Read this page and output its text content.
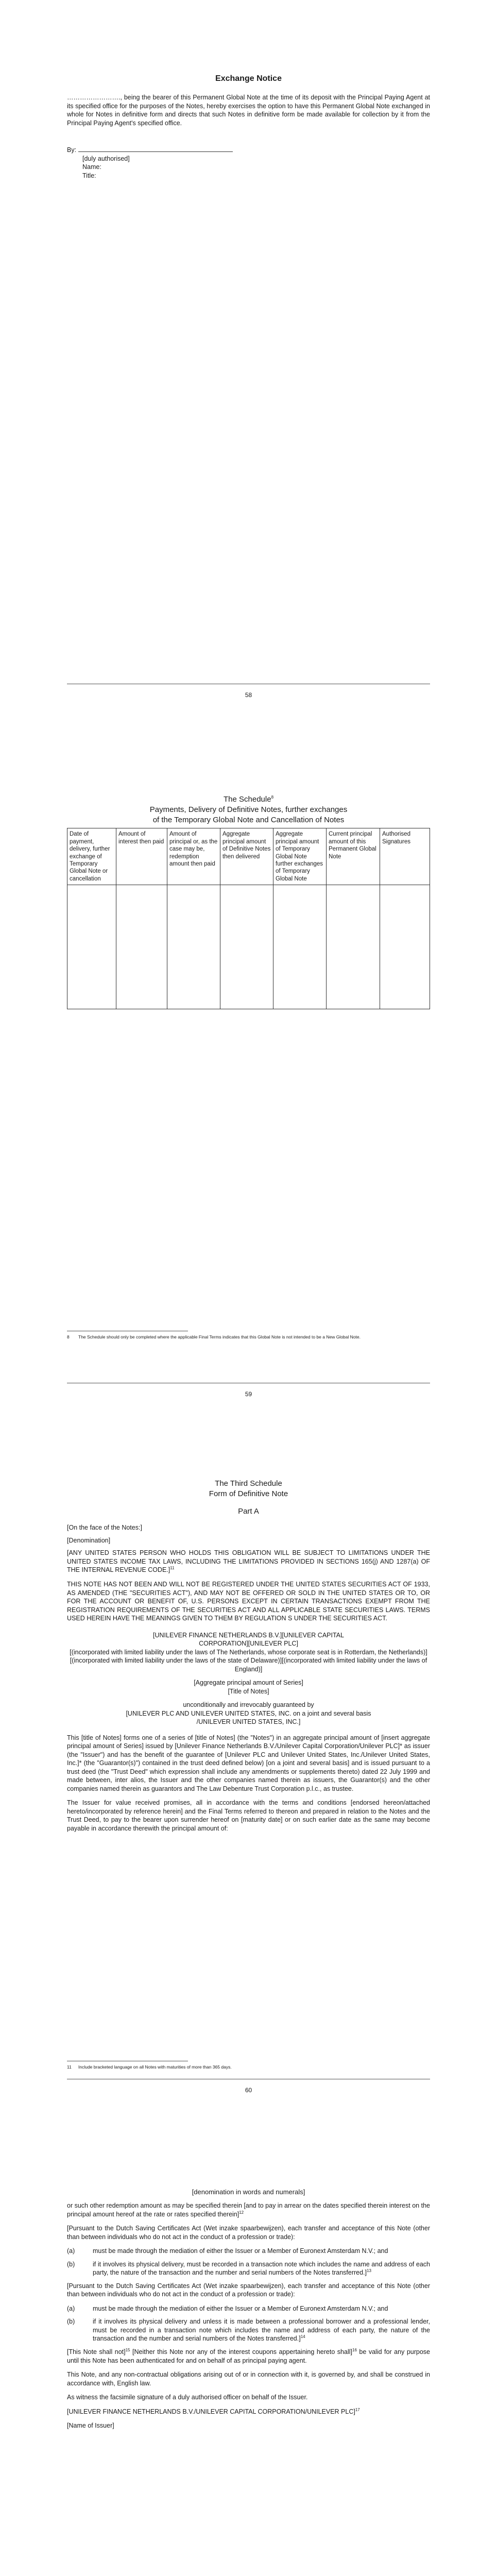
Exchange Notice

……………………., being the bearer of this Permanent Global Note at the time of its deposit with the Principal Paying Agent at its specified office for the purposes of the Notes, hereby exercises the option to have this Permanent Global Note exchanged in whole for Notes in definitive form and directs that such Notes in definitive form be made available for collection by it from the Principal Paying Agent's specified office.

By:
[duly authorised]
Name:
Title:
58
The Schedule$^8$
Payments, Delivery of Definitive Notes, further exchanges
of the Temporary Global Note and Cancellation of Notes
Date of payment, delivery, further exchange of Temporary Global Note or cancellation	Amount of interest then paid	Amount of principal or, as the case may be, redemption amount then paid	Aggregate principal amount of Definitive Notes then delivered	Aggregate principal amount of Temporary Global Note further exchanges of Temporary Global Note	Current principal amount of this Permanent Global Note	Authorised Signatures

8	The Schedule should only be completed where the applicable Final Terms indicates that this Global Note is not intended to be a New Global Note.
59
The Third Schedule
Form of Definitive Note
Part A

[On the face of the Notes:]

[Denomination]

[ANY UNITED STATES PERSON WHO HOLDS THIS OBLIGATION WILL BE SUBJECT TO LIMITATIONS UNDER THE UNITED STATES INCOME TAX LAWS, INCLUDING THE LIMITATIONS PROVIDED IN SECTIONS 165(j) AND 1287(a) OF THE INTERNAL REVENUE CODE.]$^{11}$

THIS NOTE HAS NOT BEEN AND WILL NOT BE REGISTERED UNDER THE UNITED STATES SECURITIES ACT OF 1933, AS AMENDED (THE "SECURITIES ACT"), AND MAY NOT BE OFFERED OR SOLD IN THE UNITED STATES OR TO, OR FOR THE ACCOUNT OR BENEFIT OF, U.S. PERSONS EXCEPT IN CERTAIN TRANSACTIONS EXEMPT FROM THE REGISTRATION REQUIREMENTS OF THE SECURITIES ACT AND ALL APPLICABLE STATE SECURITIES LAWS. TERMS USED HEREIN HAVE THE MEANINGS GIVEN TO THEM BY REGULATION S UNDER THE SECURITIES ACT.

[UNILEVER FINANCE NETHERLANDS B.V.][UNILEVER CAPITAL
CORPORATION][UNILEVER PLC]
[(incorporated with limited liability under the laws of The Netherlands, whose corporate seat is in Rotterdam, the Netherlands)][(incorporated with limited liability under the laws of the state of Delaware)][(incorporated with limited liability under the laws of England)]
[Aggregate principal amount of Series]
[Title of Notes]
unconditionally and irrevocably guaranteed by
[UNILEVER PLC AND UNILEVER UNITED STATES, INC. on a joint and several basis
/UNILEVER UNITED STATES, INC.]

This [title of Notes] forms one of a series of [title of Notes] (the "Notes") in an aggregate principal amount of [insert aggregate principal amount of Series] issued by [Unilever Finance Netherlands B.V./Unilever Capital Corporation/Unilever PLC]* as issuer (the "Issuer") and has the benefit of the guarantee of [Unilever PLC and Unilever United States, Inc./Unilever United States, Inc.]* (the "Guarantor(s)") contained in the trust deed defined below) [on a joint and several basis] and is issued pursuant to a trust deed (the "Trust Deed" which expression shall include any amendments or supplements thereto) dated 22 July 1999 and made between, inter alios, the Issuer and the other companies named therein as issuers, the Guarantor(s) and the other companies named therein as guarantors and The Law Debenture Trust Corporation p.l.c., as trustee.

The Issuer for value received promises, all in accordance with the terms and conditions [endorsed hereon/attached hereto/incorporated by reference herein] and the Final Terms referred to thereon and prepared in relation to the Notes and the Trust Deed, to pay to the bearer upon surrender hereof on [maturity date] or on such earlier date as the same may become payable in accordance therewith the principal amount of:

11	Include bracketed language on all Notes with maturities of more than 365 days.
60
[denomination in words and numerals]

or such other redemption amount as may be specified therein [and to pay in arrear on the dates specified therein interest on the principal amount hereof at the rate or rates specified therein]$^{12}$

[Pursuant to the Dutch Saving Certificates Act (Wet inzake spaarbewijzen), each transfer and acceptance of this Note (other than between individuals who do not act in the conduct of a profession or trade):

(a)	must be made through the mediation of either the Issuer or a Member of Euronext Amsterdam N.V.; and
(b)	if it involves its physical delivery, must be recorded in a transaction note which includes the name and address of each party, the nature of the transaction and the number and serial numbers of the Notes transferred.]$^{13}$

[Pursuant to the Dutch Saving Certificates Act (Wet inzake spaarbewijzen), each transfer and acceptance of this Note (other than between individuals who do not act in the conduct of a profession or trade):

(a)	must be made through the mediation of either the Issuer or a Member of Euronext Amsterdam N.V.; and
(b)	if it involves its physical delivery and unless it is made between a professional borrower and a professional lender, must be recorded in a transaction note which includes the name and address of each party, the nature of the transaction and the number and serial numbers of the Notes transferred.]$^{14}$

[This Note shall not]$^{15}$ [Neither this Note nor any of the interest coupons appertaining hereto shall]$^{16}$ be valid for any purpose until this Note has been authenticated for and on behalf of as principal paying agent.

This Note, and any non-contractual obligations arising out of or in connection with it, is governed by, and shall be construed in accordance with, English law.

As witness the facsimile signature of a duly authorised officer on behalf of the Issuer.

[UNILEVER FINANCE NETHERLANDS B.V./UNILEVER CAPITAL CORPORATION/UNILEVER PLC]$^{17}$

[Name of Issuer]
